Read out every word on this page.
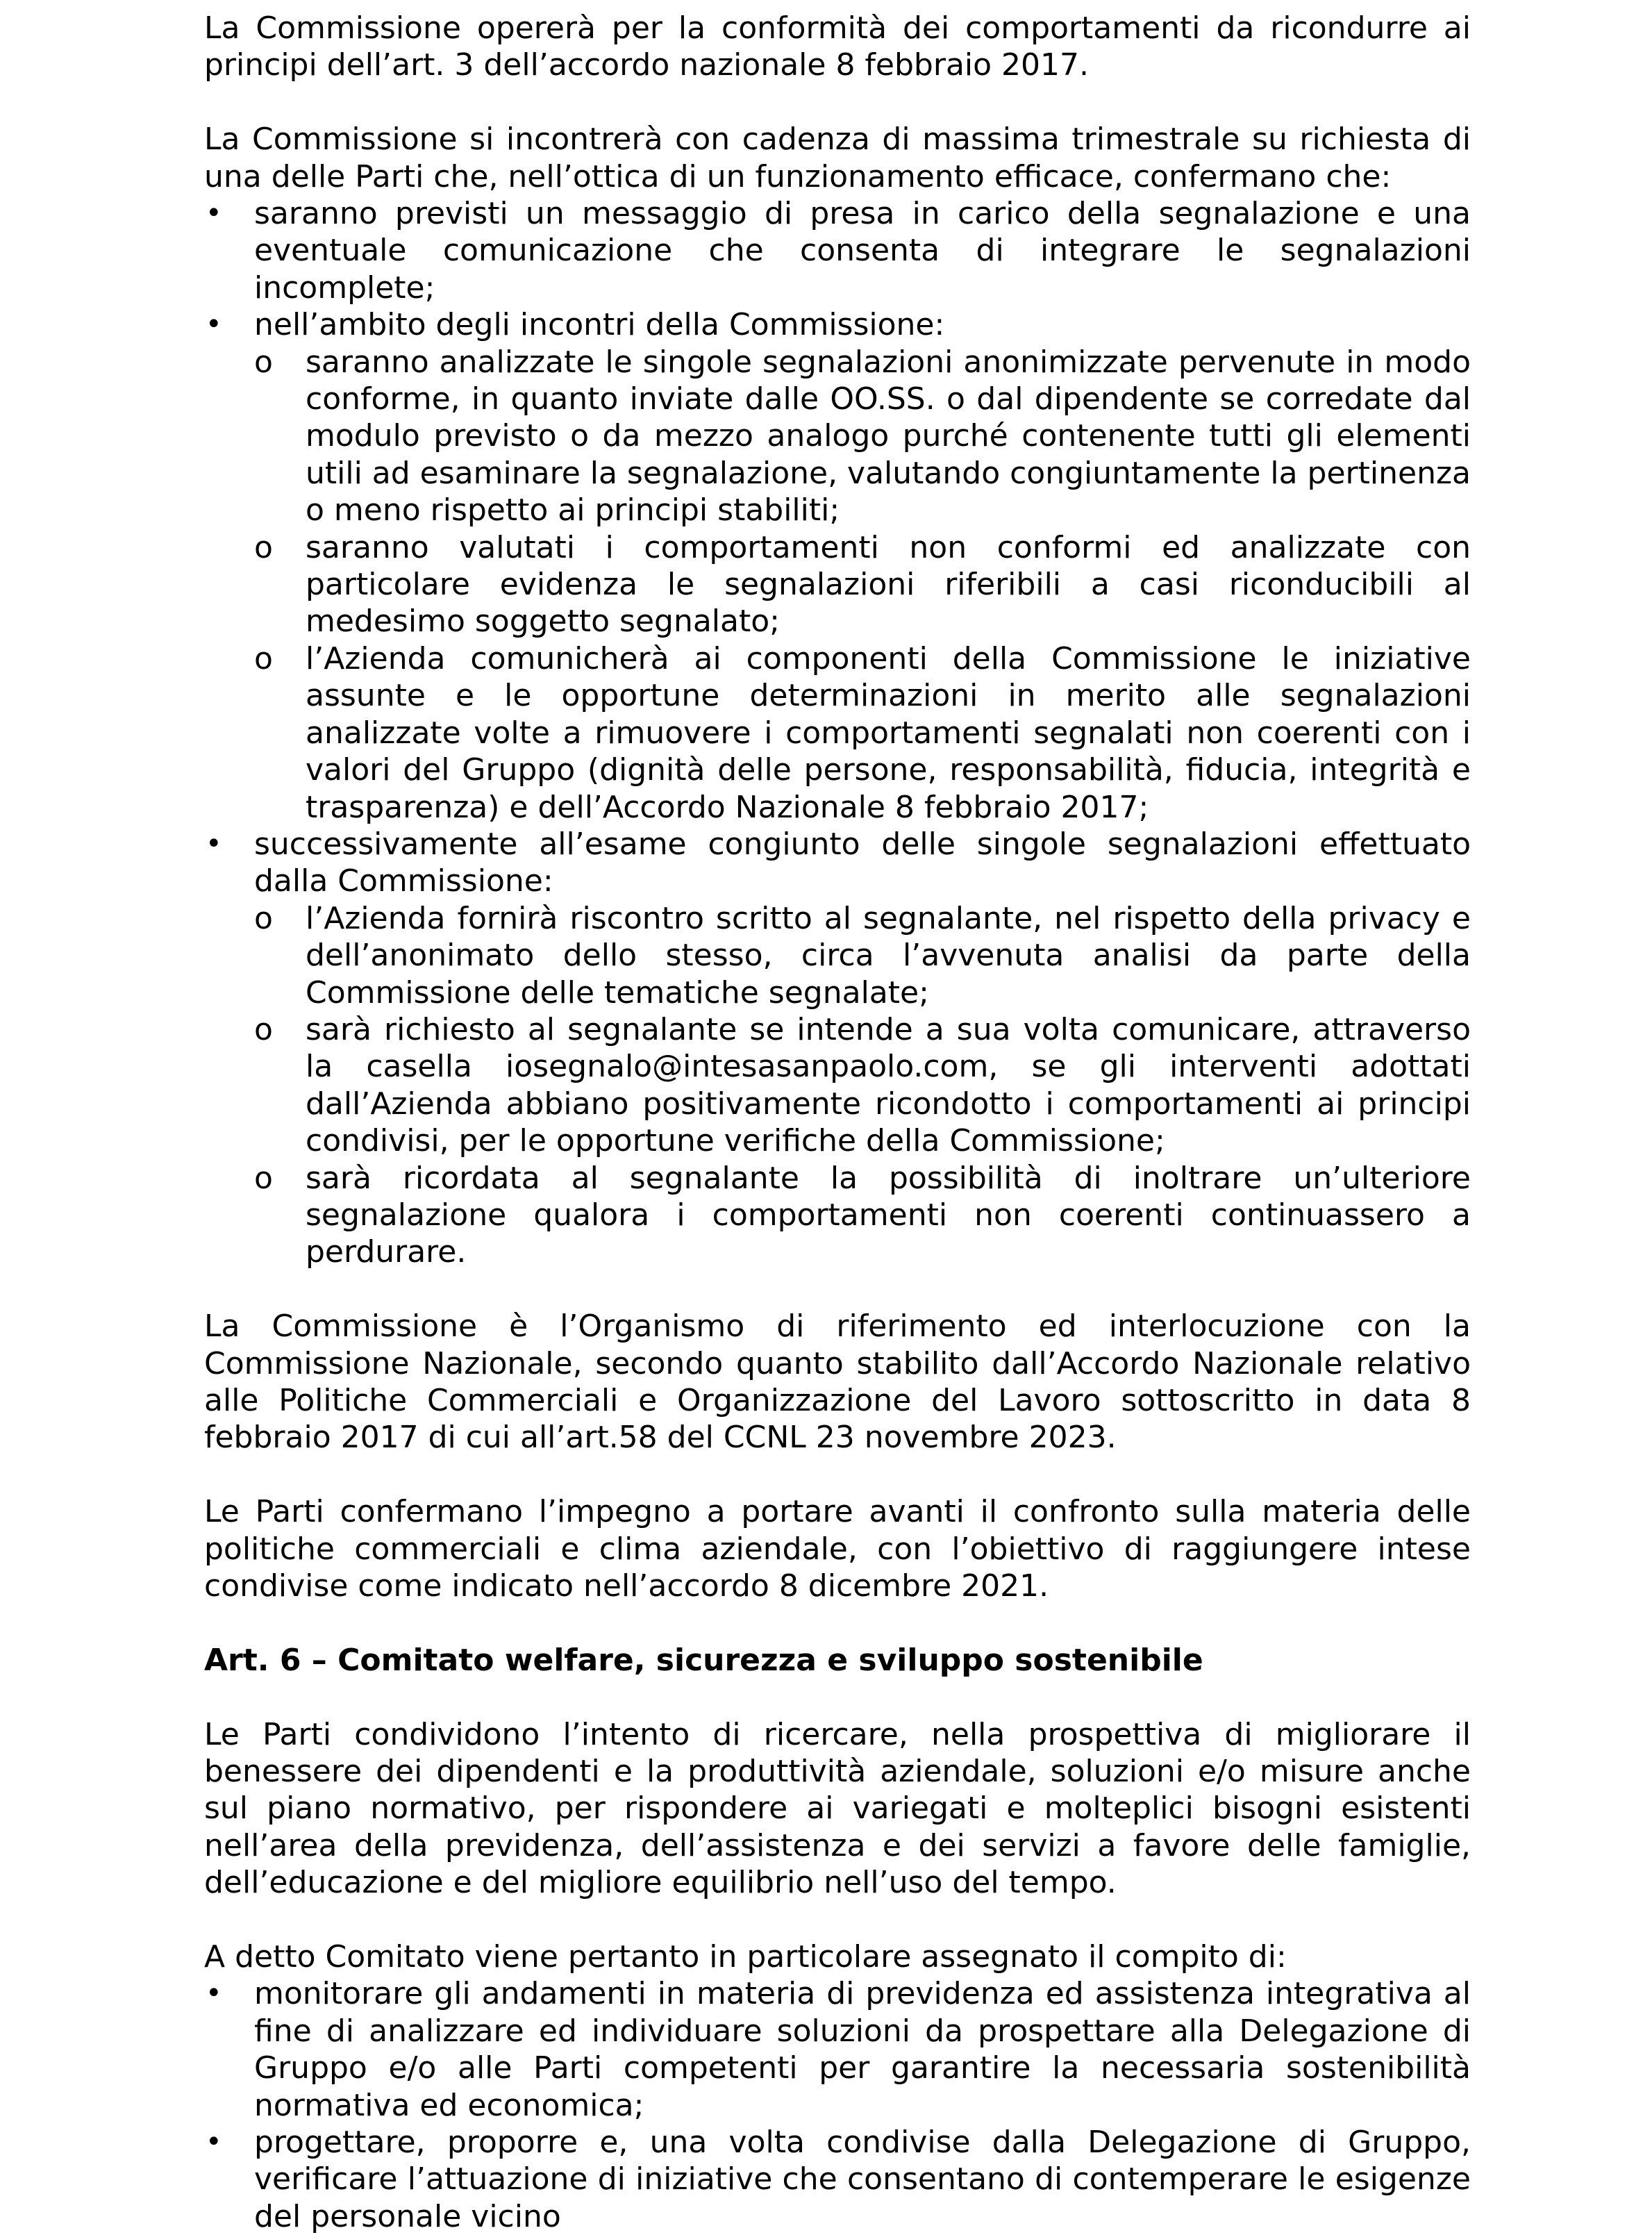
La Commissione opererà per la conformità dei comportamenti da ricondurre ai principi dell’art. 3 dell’accordo nazionale 8 febbraio 2017.

La Commissione si incontrerà con cadenza di massima trimestrale su richiesta di una delle Parti che, nell’ottica di un funzionamento efficace, confermano che:

•	saranno previsti un messaggio di presa in carico della segnalazione e una eventuale comunicazione che consenta di integrare le segnalazioni incomplete;
•	nell’ambito degli incontri della Commissione:
o saranno analizzate le singole segnalazioni anonimizzate pervenute in modo conforme, in quanto inviate dalle OO.SS. o dal dipendente se corredate dal modulo previsto o da mezzo analogo purché contenente tutti gli elementi utili ad esaminare la segnalazione, valutando congiuntamente la pertinenza o meno rispetto ai principi stabiliti;
o saranno valutati i comportamenti non conformi ed analizzate con particolare evidenza le segnalazioni riferibili a casi riconducibili al medesimo soggetto segnalato;
o l’Azienda comunicherà ai componenti della Commissione le iniziative assunte e le opportune determinazioni in merito alle segnalazioni analizzate volte a rimuovere i comportamenti segnalati non coerenti con i valori del Gruppo (dignità delle persone, responsabilità, fiducia, integrità e trasparenza) e dell’Accordo Nazionale 8 febbraio 2017;
•	successivamente all’esame congiunto delle singole segnalazioni effettuato dalla Commissione:
o l’Azienda fornirà riscontro scritto al segnalante, nel rispetto della privacy e dell’anonimato dello stesso, circa l’avvenuta analisi da parte della Commissione delle tematiche segnalate;
o sarà richiesto al segnalante se intende a sua volta comunicare, attraverso la casella iosegnalo@intesasanpaolo.com, se gli interventi adottati dall’Azienda abbiano positivamente ricondotto i comportamenti ai principi condivisi, per le opportune verifiche della Commissione;
o sarà ricordata al segnalante la possibilità di inoltrare un’ulteriore segnalazione qualora i comportamenti non coerenti continuassero a perdurare.

La Commissione è l’Organismo di riferimento ed interlocuzione con la Commissione Nazionale, secondo quanto stabilito dall’Accordo Nazionale relativo alle Politiche Commerciali e Organizzazione del Lavoro sottoscritto in data 8 febbraio 2017 di cui all’art.58 del CCNL 23 novembre 2023.

Le Parti confermano l’impegno a portare avanti il confronto sulla materia delle politiche commerciali e clima aziendale, con l’obiettivo di raggiungere intese condivise come indicato nell’accordo 8 dicembre 2021.

Art. 6 – Comitato welfare, sicurezza e sviluppo sostenibile

Le Parti condividono l’intento di ricercare, nella prospettiva di migliorare il benessere dei dipendenti e la produttività aziendale, soluzioni e/o misure anche sul piano normativo, per rispondere ai variegati e molteplici bisogni esistenti nell’area della previdenza, dell’assistenza e dei servizi a favore delle famiglie, dell’educazione e del migliore equilibrio nell’uso del tempo.

A detto Comitato viene pertanto in particolare assegnato il compito di:

•	monitorare gli andamenti in materia di previdenza ed assistenza integrativa al fine di analizzare ed individuare soluzioni da prospettare alla Delegazione di Gruppo e/o alle Parti competenti per garantire la necessaria sostenibilità normativa ed economica;
•	progettare, proporre e, una volta condivise dalla Delegazione di Gruppo, verificare l’attuazione di iniziative che consentano di contemperare le esigenze del personale vicino
